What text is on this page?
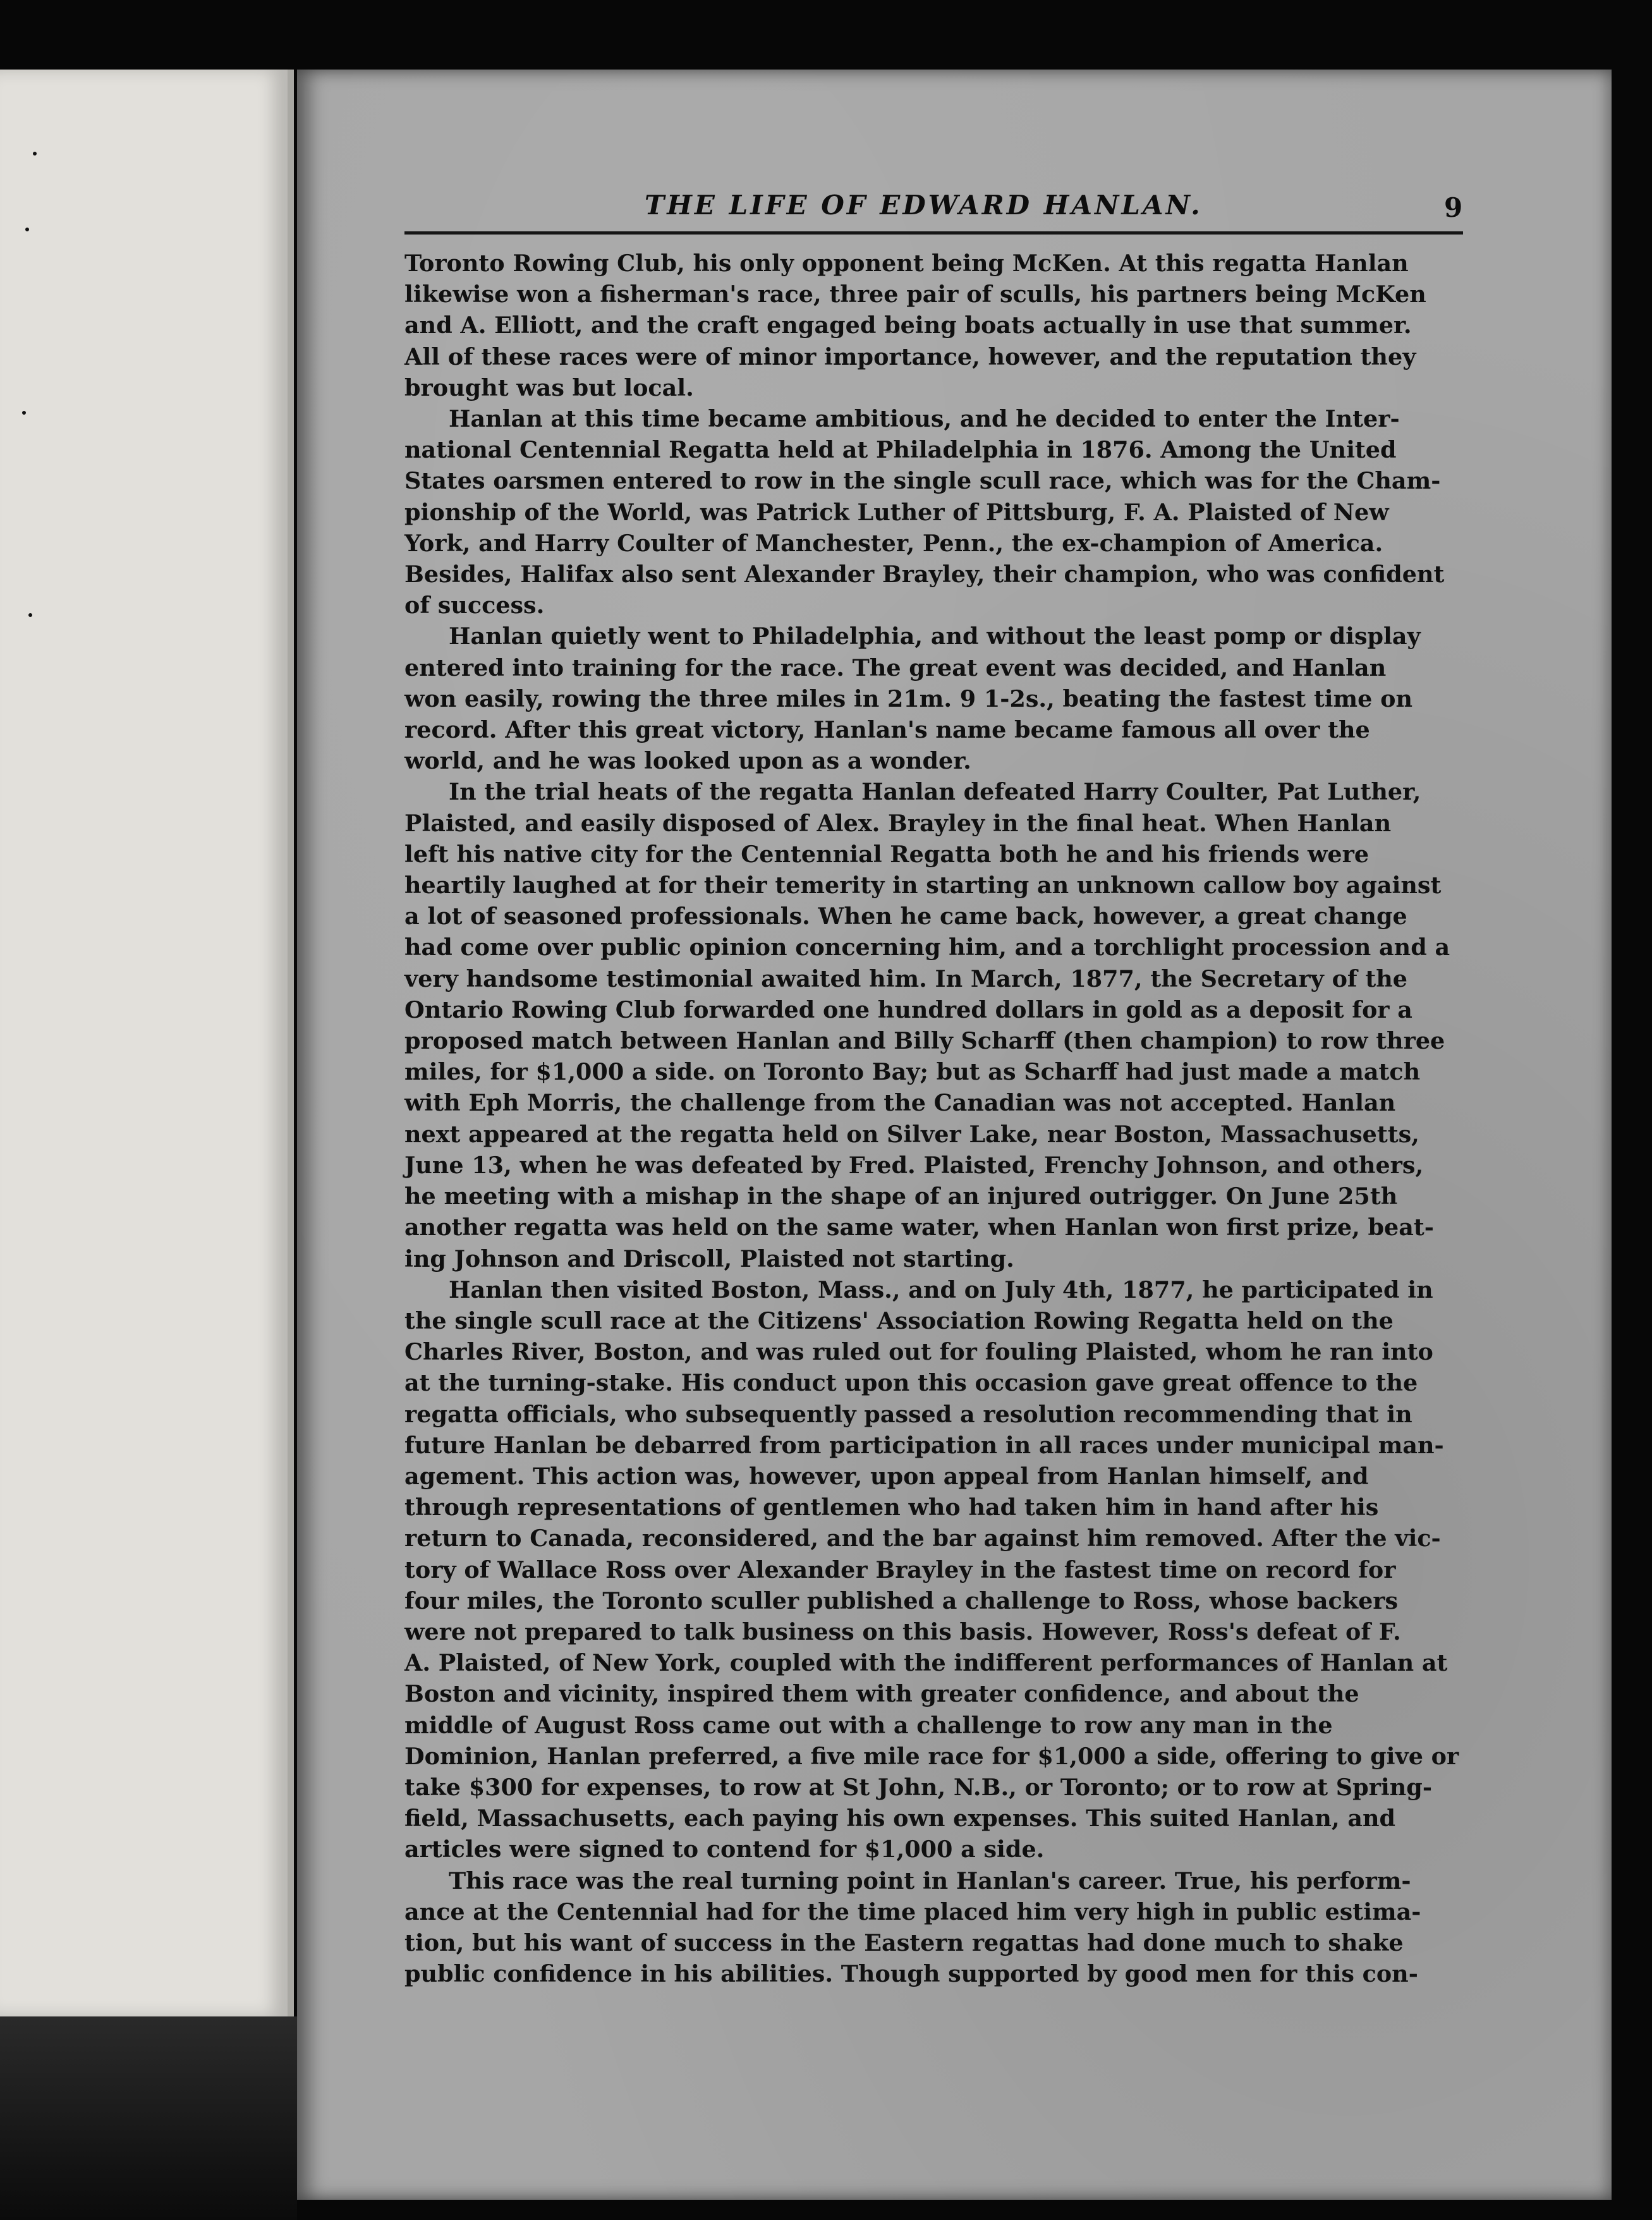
THE LIFE OF EDWARD HANLAN.	9
Toronto Rowing Club, his only opponent being McKen. At this regatta Hanlan
likewise won a fisherman's race, three pair of sculls, his partners being McKen
and A. Elliott, and the craft engaged being boats actually in use that summer.
All of these races were of minor importance, however, and the reputation they
brought was but local.
Hanlan at this time became ambitious, and he decided to enter the Inter-
national Centennial Regatta held at Philadelphia in 1876. Among the United
States oarsmen entered to row in the single scull race, which was for the Cham-
pionship of the World, was Patrick Luther of Pittsburg, F. A. Plaisted of New
York, and Harry Coulter of Manchester, Penn., the ex-champion of America.
Besides, Halifax also sent Alexander Brayley, their champion, who was confident
of success.
Hanlan quietly went to Philadelphia, and without the least pomp or display
entered into training for the race. The great event was decided, and Hanlan
won easily, rowing the three miles in 21m. 9 1-2s., beating the fastest time on
record. After this great victory, Hanlan's name became famous all over the
world, and he was looked upon as a wonder.
In the trial heats of the regatta Hanlan defeated Harry Coulter, Pat Luther,
Plaisted, and easily disposed of Alex. Brayley in the final heat. When Hanlan
left his native city for the Centennial Regatta both he and his friends were
heartily laughed at for their temerity in starting an unknown callow boy against
a lot of seasoned professionals. When he came back, however, a great change
had come over public opinion concerning him, and a torchlight procession and a
very handsome testimonial awaited him. In March, 1877, the Secretary of the
Ontario Rowing Club forwarded one hundred dollars in gold as a deposit for a
proposed match between Hanlan and Billy Scharff (then champion) to row three
miles, for $1,000 a side. on Toronto Bay; but as Scharff had just made a match
with Eph Morris, the challenge from the Canadian was not accepted. Hanlan
next appeared at the regatta held on Silver Lake, near Boston, Massachusetts,
June 13, when he was defeated by Fred. Plaisted, Frenchy Johnson, and others,
he meeting with a mishap in the shape of an injured outrigger. On June 25th
another regatta was held on the same water, when Hanlan won first prize, beat-
ing Johnson and Driscoll, Plaisted not starting.
Hanlan then visited Boston, Mass., and on July 4th, 1877, he participated in
the single scull race at the Citizens' Association Rowing Regatta held on the
Charles River, Boston, and was ruled out for fouling Plaisted, whom he ran into
at the turning-stake. His conduct upon this occasion gave great offence to the
regatta officials, who subsequently passed a resolution recommending that in
future Hanlan be debarred from participation in all races under municipal man-
agement. This action was, however, upon appeal from Hanlan himself, and
through representations of gentlemen who had taken him in hand after his
return to Canada, reconsidered, and the bar against him removed. After the vic-
tory of Wallace Ross over Alexander Brayley in the fastest time on record for
four miles, the Toronto sculler published a challenge to Ross, whose backers
were not prepared to talk business on this basis. However, Ross's defeat of F.
A. Plaisted, of New York, coupled with the indifferent performances of Hanlan at
Boston and vicinity, inspired them with greater confidence, and about the
middle of August Ross came out with a challenge to row any man in the
Dominion, Hanlan preferred, a five mile race for $1,000 a side, offering to give or
take $300 for expenses, to row at St John, N.B., or Toronto; or to row at Spring-
field, Massachusetts, each paying his own expenses. This suited Hanlan, and
articles were signed to contend for $1,000 a side.
This race was the real turning point in Hanlan's career. True, his perform-
ance at the Centennial had for the time placed him very high in public estima-
tion, but his want of success in the Eastern regattas had done much to shake
public confidence in his abilities. Though supported by good men for this con-
